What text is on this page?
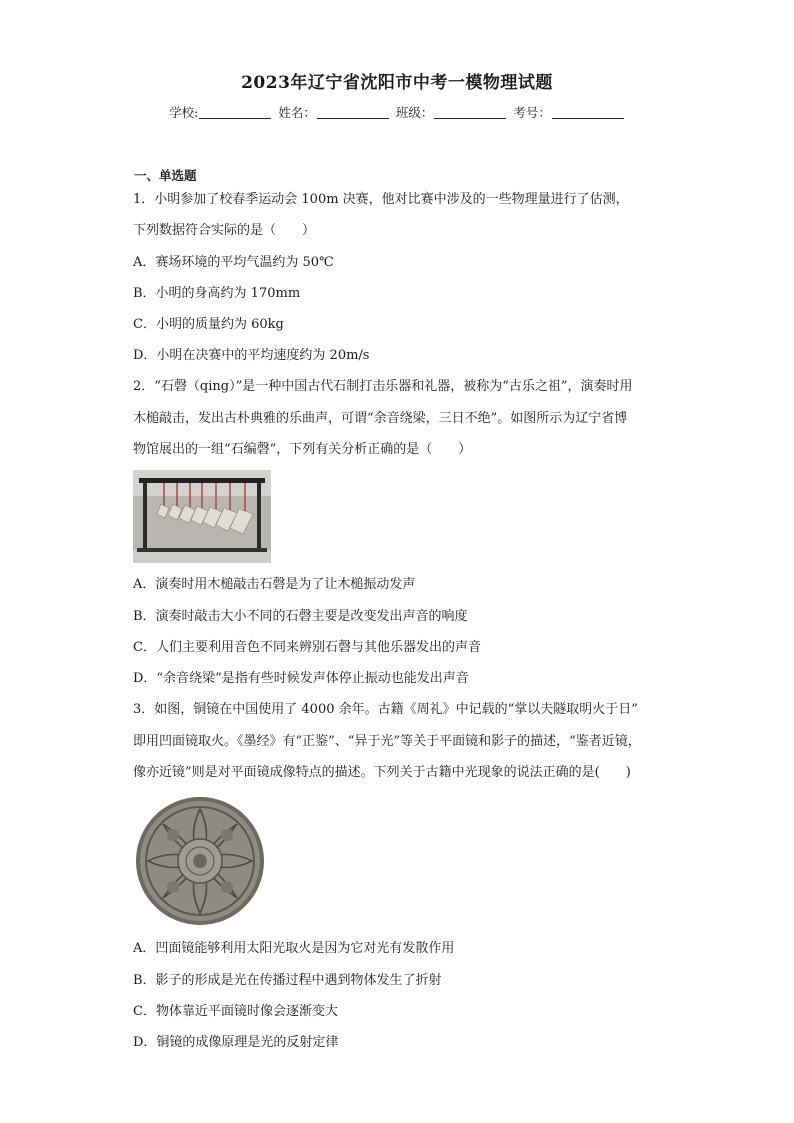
2023年辽宁省沈阳市中考一模物理试题
学校:	姓名：	班级：	考号：
一、单选题
1．小明参加了校春季运动会 100m 决赛，他对比赛中涉及的一些物理量进行了估测，
下列数据符合实际的是（　　）
A．赛场环境的平均气温约为 50℃
B．小明的身高约为 170mm
C．小明的质量约为 60kg
D．小明在决赛中的平均速度约为 20m/s
2．“石磬（qing）”是一种中国古代石制打击乐器和礼器，被称为“古乐之祖”，演奏时用
木槌敲击，发出古朴典雅的乐曲声，可谓“余音绕梁，三日不绝”。如图所示为辽宁省博
物馆展出的一组“石编磬”，下列有关分析正确的是（　　）
A．演奏时用木槌敲击石磬是为了让木槌振动发声
B．演奏时敲击大小不同的石磬主要是改变发出声音的响度
C．人们主要利用音色不同来辨别石磬与其他乐器发出的声音
D．“余音绕梁”是指有些时候发声体停止振动也能发出声音
3．如图，铜镜在中国使用了 4000 余年。古籍《周礼》中记载的“掌以夫隧取明火于日”
即用凹面镜取火。《墨经》有“正鉴”、“异于光”等关于平面镜和影子的描述，“鉴者近镜，
像亦近镜”则是对平面镜成像特点的描述。下列关于古籍中光现象的说法正确的是(　　)
A．凹面镜能够利用太阳光取火是因为它对光有发散作用
B．影子的形成是光在传播过程中遇到物体发生了折射
C．物体靠近平面镜时像会逐渐变大
D．铜镜的成像原理是光的反射定律
